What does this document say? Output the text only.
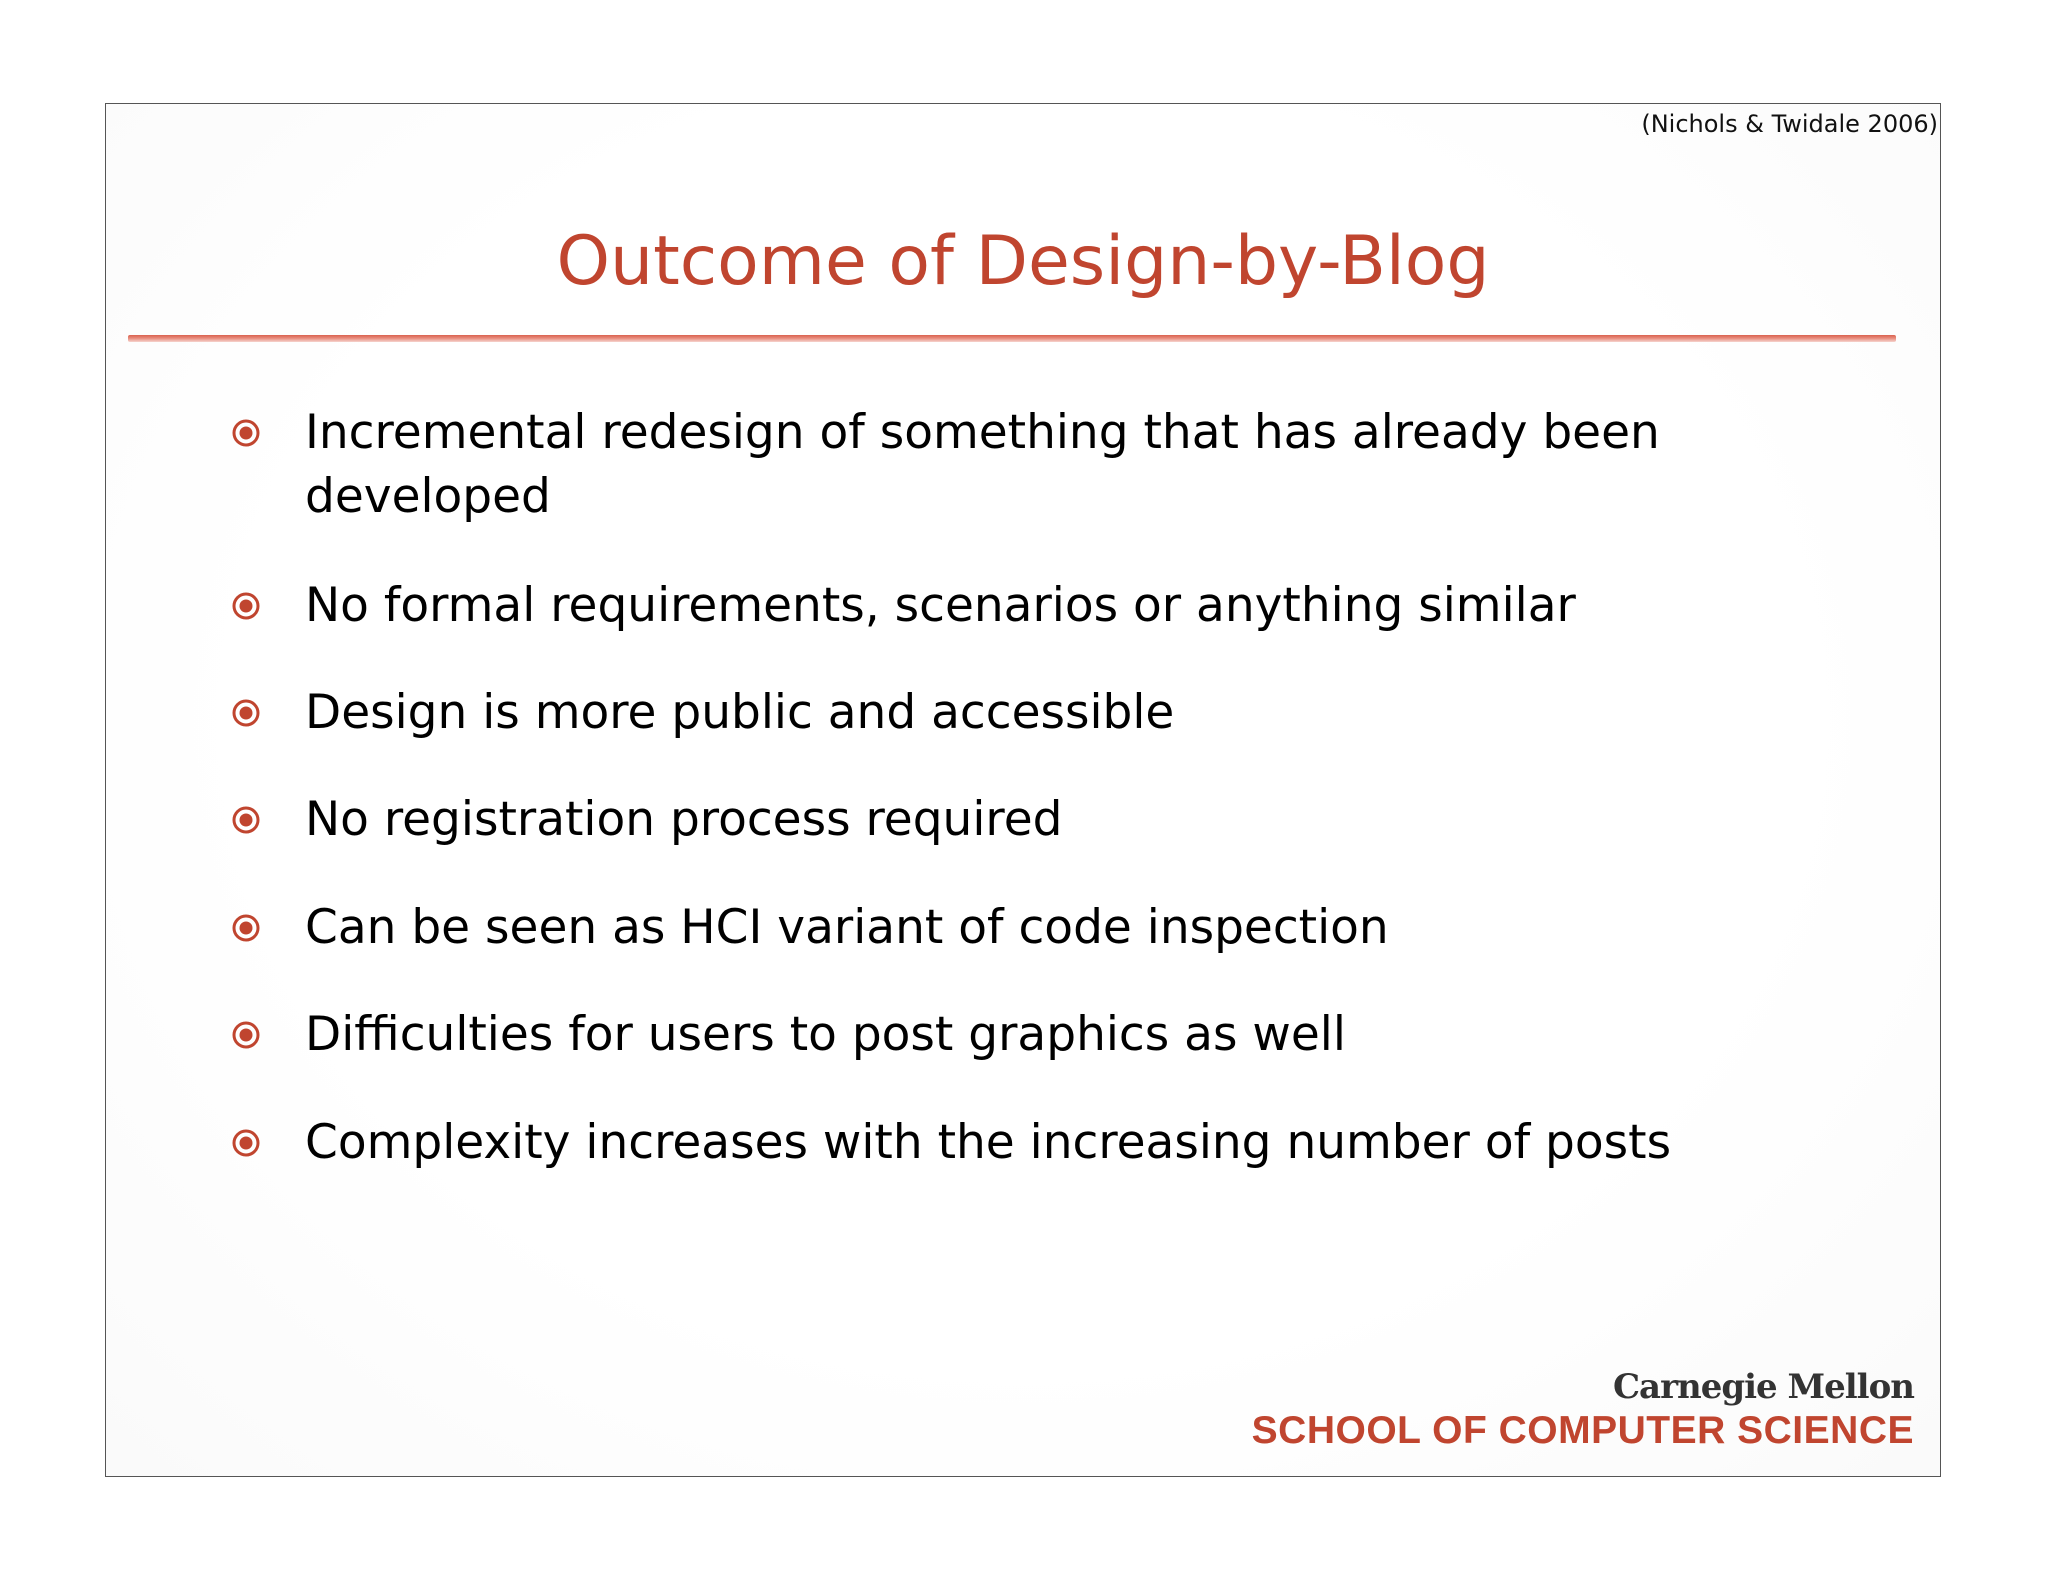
(Nichols & Twidale 2006)
Outcome of Design-by-Blog
Incremental redesign of something that has already been developed
No formal requirements, scenarios or anything similar
Design is more public and accessible
No registration process required
Can be seen as HCI variant of code inspection
Difficulties for users to post graphics as well
Complexity increases with the increasing number of posts
Carnegie Mellon
SCHOOL OF COMPUTER SCIENCE
